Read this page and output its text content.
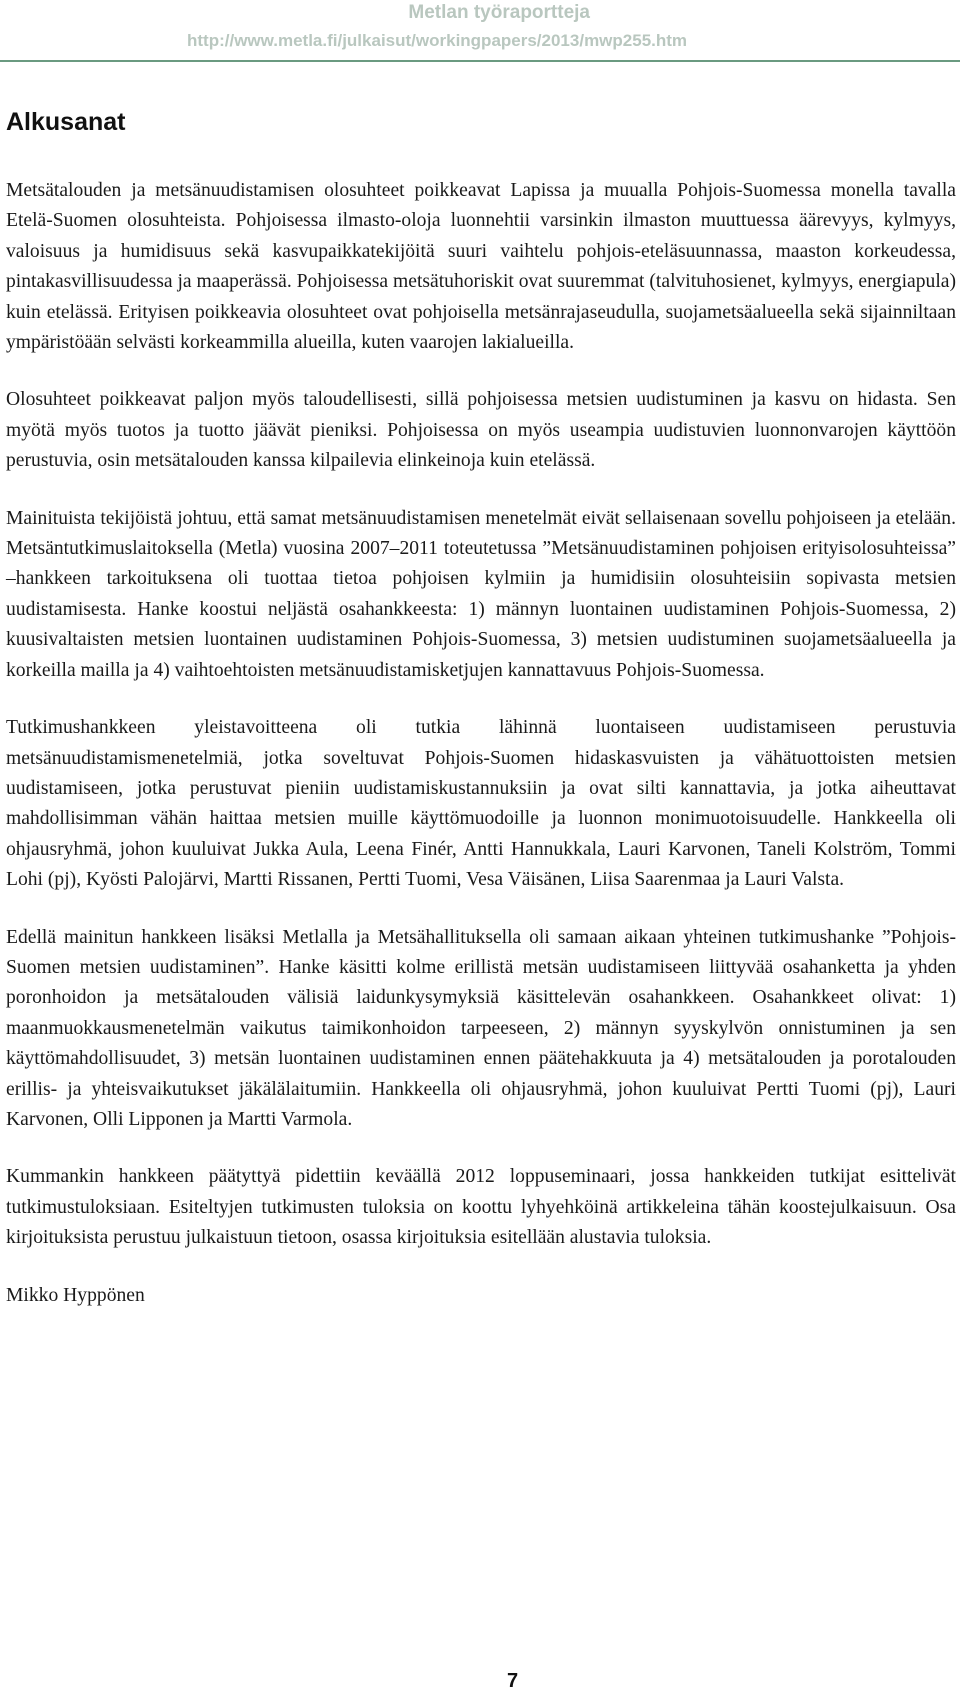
Metlan työraportteja
http://www.metla.fi/julkaisut/workingpapers/2013/mwp255.htm
Alkusanat

Metsätalouden ja metsänuudistamisen olosuhteet poikkeavat Lapissa ja muualla Pohjois-Suomessa monella tavalla Etelä-Suomen olosuhteista. Pohjoisessa ilmasto-oloja luonnehtii varsinkin ilmaston muuttuessa äärevyys, kylmyys, valoisuus ja humidisuus sekä kasvupaikkatekijöitä suuri vaihtelu pohjois-eteläsuunnassa, maaston korkeudessa, pintakasvillisuudessa ja maaperässä. Pohjoisessa metsätuhoriskit ovat suuremmat (talvituhosienet, kylmyys, energiapula) kuin etelässä. Erityisen poikkeavia olosuhteet ovat pohjoisella metsänrajaseudulla, suojametsäalueella sekä sijainniltaan ympäristöään selvästi korkeammilla alueilla, kuten vaarojen lakialueilla.

Olosuhteet poikkeavat paljon myös taloudellisesti, sillä pohjoisessa metsien uudistuminen ja kasvu on hidasta. Sen myötä myös tuotos ja tuotto jäävät pieniksi. Pohjoisessa on myös useampia uudistuvien luonnonvarojen käyttöön perustuvia, osin metsätalouden kanssa kilpailevia elinkeinoja kuin etelässä.

Mainituista tekijöistä johtuu, että samat metsänuudistamisen menetelmät eivät sellaisenaan sovellu pohjoiseen ja etelään. Metsäntutkimuslaitoksella (Metla) vuosina 2007–2011 toteutetussa ”Metsänuudistaminen pohjoisen erityisolosuhteissa” –hankkeen tarkoituksena oli tuottaa tietoa pohjoisen kylmiin ja humidisiin olosuhteisiin sopivasta metsien uudistamisesta. Hanke koostui neljästä osahankkeesta: 1) männyn luontainen uudistaminen Pohjois-Suomessa, 2) kuusivaltaisten metsien luontainen uudistaminen Pohjois-Suomessa, 3) metsien uudistuminen suojametsäalueella ja korkeilla mailla ja 4) vaihtoehtoisten metsänuudistamisketjujen kannattavuus Pohjois-Suomessa.

Tutkimushankkeen yleistavoitteena oli tutkia lähinnä luontaiseen uudistamiseen perustuvia metsänuudistamismenetelmiä, jotka soveltuvat Pohjois-Suomen hidaskasvuisten ja vähätuottoisten metsien uudistamiseen, jotka perustuvat pieniin uudistamiskustannuksiin ja ovat silti kannattavia, ja jotka aiheuttavat mahdollisimman vähän haittaa metsien muille käyttömuodoille ja luonnon monimuotoisuudelle. Hankkeella oli ohjausryhmä, johon kuuluivat Jukka Aula, Leena Finér, Antti Hannukkala, Lauri Karvonen, Taneli Kolström, Tommi Lohi (pj), Kyösti Palojärvi, Martti Rissanen, Pertti Tuomi, Vesa Väisänen, Liisa Saarenmaa ja Lauri Valsta.

Edellä mainitun hankkeen lisäksi Metlalla ja Metsähallituksella oli samaan aikaan yhteinen tutkimushanke ”Pohjois-Suomen metsien uudistaminen”. Hanke käsitti kolme erillistä metsän uudistamiseen liittyvää osahanketta ja yhden poronhoidon ja metsätalouden välisiä laidunkysymyksiä käsittelevän osahankkeen. Osahankkeet olivat: 1) maanmuokkausmenetelmän vaikutus taimikonhoidon tarpeeseen, 2) männyn syyskylvön onnistuminen ja sen käyttömahdollisuudet, 3) metsän luontainen uudistaminen ennen päätehakkuuta ja 4) metsätalouden ja porotalouden erillis- ja yhteisvaikutukset jäkälälaitumiin. Hankkeella oli ohjausryhmä, johon kuuluivat Pertti Tuomi (pj), Lauri Karvonen, Olli Lipponen ja Martti Varmola.

Kummankin hankkeen päätyttyä pidettiin keväällä 2012 loppuseminaari, jossa hankkeiden tutkijat esittelivät tutkimustuloksiaan. Esiteltyjen tutkimusten tuloksia on koottu lyhyehköinä artikkeleina tähän koostejulkaisuun. Osa kirjoituksista perustuu julkaistuun tietoon, osassa kirjoituksia esitellään alustavia tuloksia.

Mikko Hyppönen

7
